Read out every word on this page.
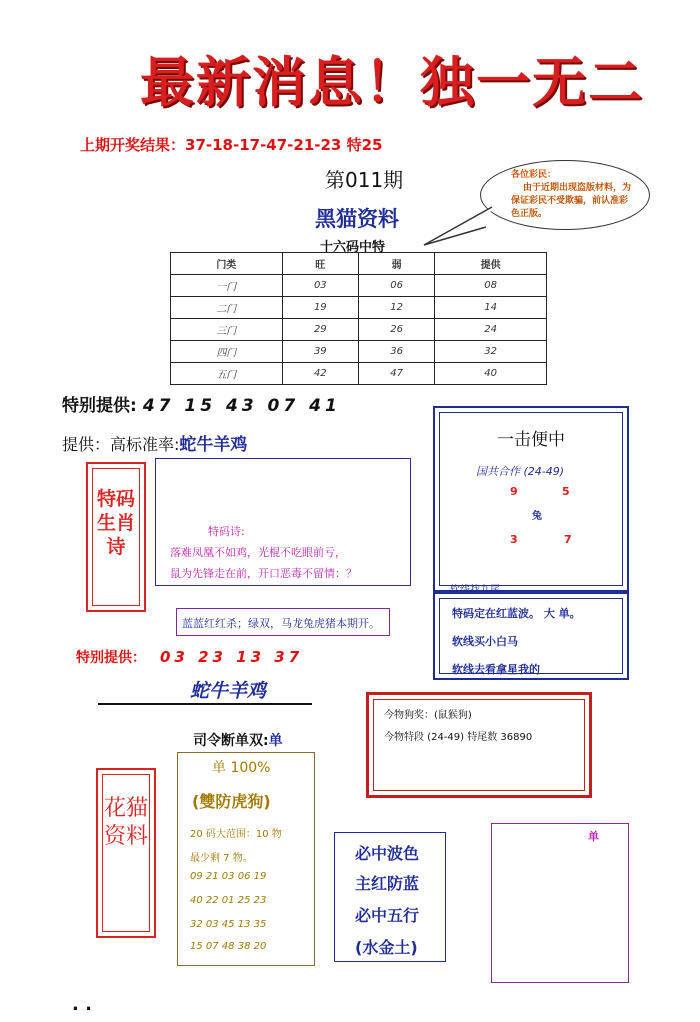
最新消息！独一无二
上期开奖结果：37-18-17-47-21-23 特25
第011期	各位彩民：
由于近期出现盗版材料，为保证彩民不受欺骗，前认准彩色正版。
黑猫资料
十六码中特
门类	旺	弱	提供
一门	03	06	08
二门	19	12	14
三门	29	26	24
四门	39	36	32
五门	42	47	40
特别提供: 47 15 43 07 41
提供：高标准率:蛇牛羊鸡
特码生肖诗
特码诗:
落难凤凰不如鸡，光棍不吃眼前亏，
鼠为先锋走在前，开口恶毒不留情：？
蓝蓝红红杀；绿双，马龙兔虎猪本期开。
特别提供： 03 23 13 37
蛇牛羊鸡
司令断单双:单
一击便中
国共合作 (24-49)
9	5
兔
3	7
软线找九尾
特码定在红蓝波。 大 单。
软线买小白马
软线去看拿星我的
今物狗奖：(鼠猴狗)
今物特段 (24-49) 特尾数 36890
花猫资料
单 100%
(雙防虎狗)
20 码大范围：10 物
最少剩 7 物。
09 21 03 06 19
40 22 01 25 23
32 03 45 13 35
15 07 48 38 20
必中波色
主红防蓝
必中五行
(水金土)
单
. .
